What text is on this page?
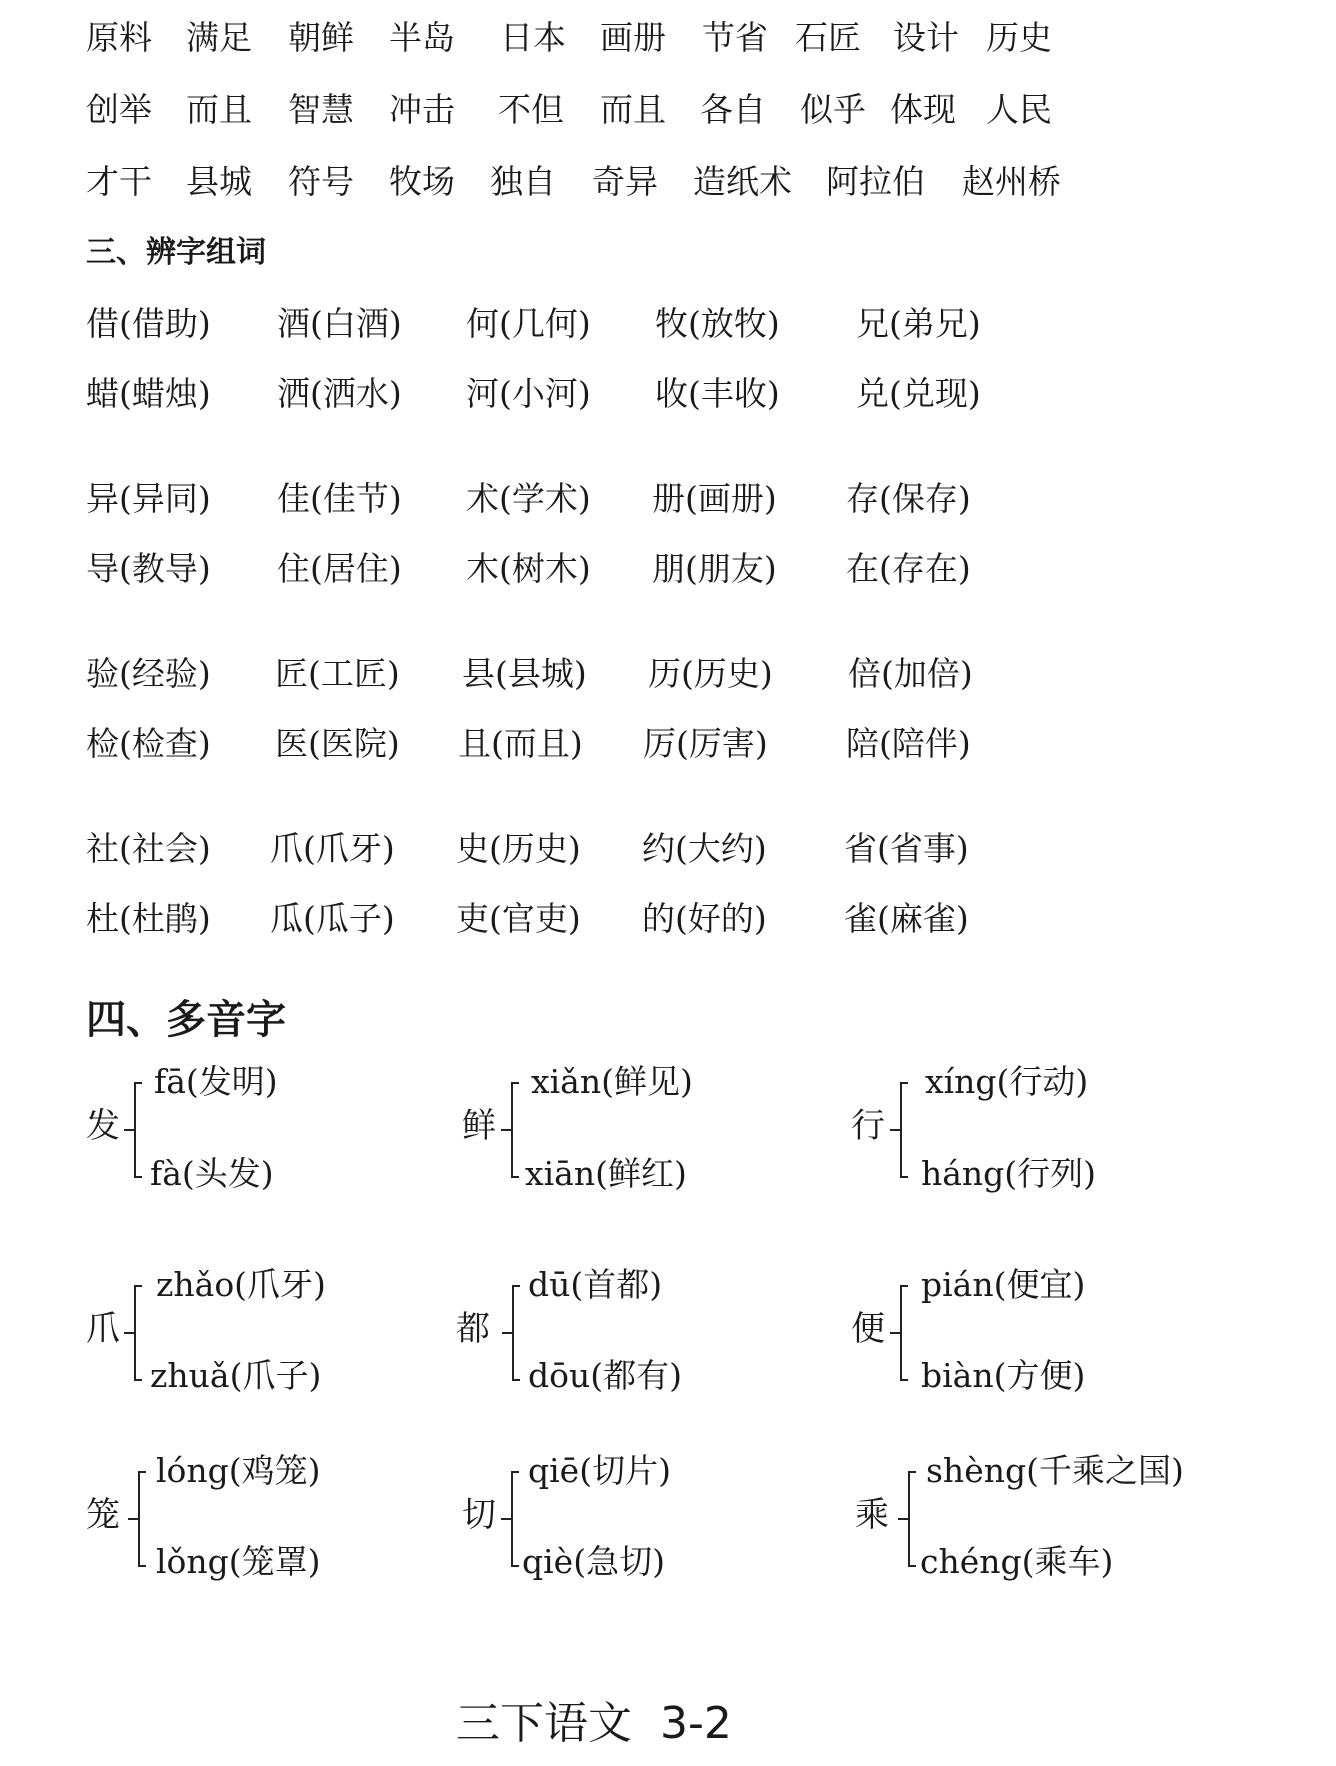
原料 满足 朝鲜 半岛 日本 画册 节省 石匠 设计 历史
创举 而且 智慧 冲击 不但 而且 各自 似乎 体现 人民
才干 县城 符号 牧场 独自 奇异 造纸术 阿拉伯 赵州桥
三、辨字组词
借(借助) 酒(白酒) 何(几何) 牧(放牧) 兄(弟兄)
蜡(蜡烛) 洒(洒水) 河(小河) 收(丰收) 兑(兑现)
异(异同) 佳(佳节) 术(学术) 册(画册) 存(保存)
导(教导) 住(居住) 木(树木) 朋(朋友) 在(存在)
验(经验) 匠(工匠) 县(县城) 历(历史) 倍(加倍)
检(检查) 医(医院) 且(而且) 厉(厉害) 陪(陪伴)
社(社会) 爪(爪牙) 史(历史) 约(大约) 省(省事)
杜(杜鹃) 瓜(瓜子) 吏(官吏) 的(好的) 雀(麻雀)
四、多音字
发
fā(发明)
fà(头发)
鲜
xiǎn(鲜见)
xiān(鲜红)
行
xíng(行动)
háng(行列)
爪
zhǎo(爪牙)
zhuǎ(爪子)
都
dū(首都)
dōu(都有)
便
pián(便宜)
biàn(方便)
笼
lóng(鸡笼)
lǒng(笼罩)
切
qiē(切片)
qiè(急切)
乘
shèng(千乘之国)
chéng(乘车)
三下语文 3-2
